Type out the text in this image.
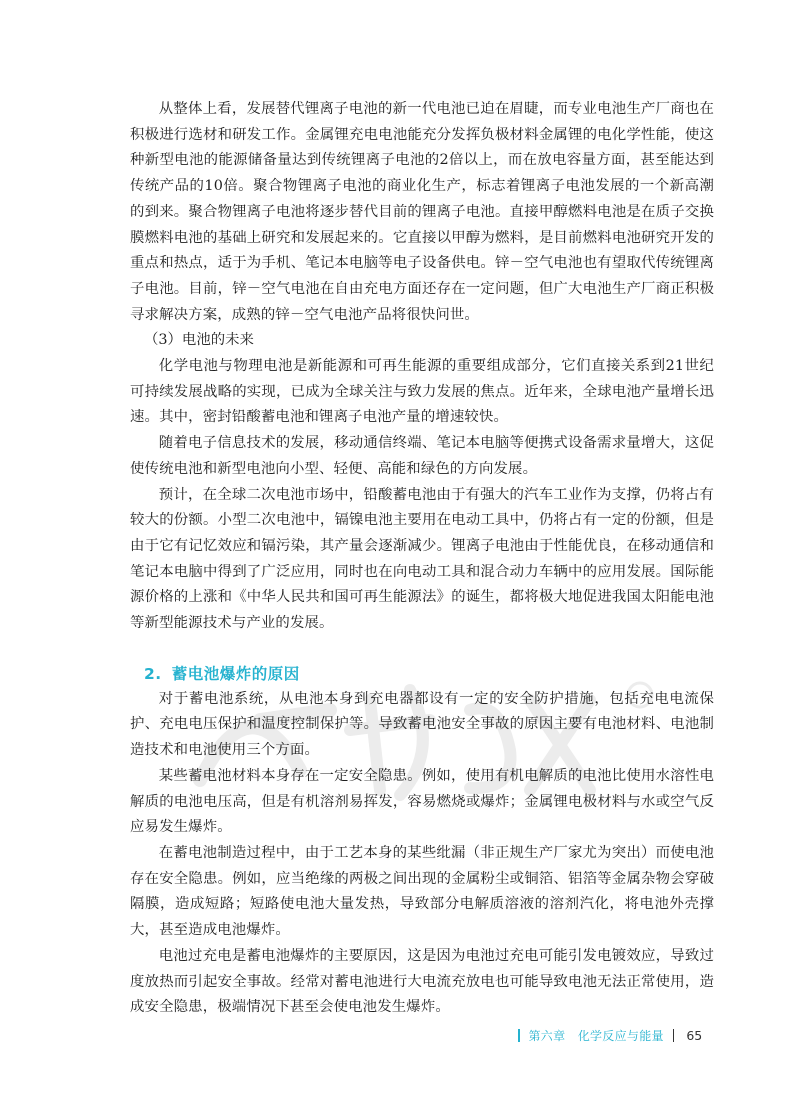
从整体上看，发展替代锂离子电池的新一代电池已迫在眉睫，而专业电池生产厂商也在积极进行选材和研发工作。金属锂充电电池能充分发挥负极材料金属锂的电化学性能，使这种新型电池的能源储备量达到传统锂离子电池的2倍以上，而在放电容量方面，甚至能达到传统产品的10倍。聚合物锂离子电池的商业化生产，标志着锂离子电池发展的一个新高潮的到来。聚合物锂离子电池将逐步替代目前的锂离子电池。直接甲醇燃料电池是在质子交换膜燃料电池的基础上研究和发展起来的。它直接以甲醇为燃料，是目前燃料电池研究开发的重点和热点，适于为手机、笔记本电脑等电子设备供电。锌－空气电池也有望取代传统锂离子电池。目前，锌－空气电池在自由充电方面还存在一定问题，但广大电池生产厂商正积极寻求解决方案，成熟的锌－空气电池产品将很快问世。

（3）电池的未来

化学电池与物理电池是新能源和可再生能源的重要组成部分，它们直接关系到21世纪可持续发展战略的实现，已成为全球关注与致力发展的焦点。近年来，全球电池产量增长迅速。其中，密封铅酸蓄电池和锂离子电池产量的增速较快。

随着电子信息技术的发展，移动通信终端、笔记本电脑等便携式设备需求量增大，这促使传统电池和新型电池向小型、轻便、高能和绿色的方向发展。

预计，在全球二次电池市场中，铅酸蓄电池由于有强大的汽车工业作为支撑，仍将占有较大的份额。小型二次电池中，镉镍电池主要用在电动工具中，仍将占有一定的份额，但是由于它有记忆效应和镉污染，其产量会逐渐减少。锂离子电池由于性能优良，在移动通信和笔记本电脑中得到了广泛应用，同时也在向电动工具和混合动力车辆中的应用发展。国际能源价格的上涨和《中华人民共和国可再生能源法》的诞生，都将极大地促进我国太阳能电池等新型能源技术与产业的发展。

2. 蓄电池爆炸的原因

对于蓄电池系统，从电池本身到充电器都设有一定的安全防护措施，包括充电电流保护、充电电压保护和温度控制保护等。导致蓄电池安全事故的原因主要有电池材料、电池制造技术和电池使用三个方面。

某些蓄电池材料本身存在一定安全隐患。例如，使用有机电解质的电池比使用水溶性电解质的电池电压高，但是有机溶剂易挥发，容易燃烧或爆炸；金属锂电极材料与水或空气反应易发生爆炸。

在蓄电池制造过程中，由于工艺本身的某些纰漏（非正规生产厂家尤为突出）而使电池存在安全隐患。例如，应当绝缘的两极之间出现的金属粉尘或铜箔、铝箔等金属杂物会穿破隔膜，造成短路；短路使电池大量发热，导致部分电解质溶液的溶剂汽化，将电池外壳撑大，甚至造成电池爆炸。

电池过充电是蓄电池爆炸的主要原因，这是因为电池过充电可能引发电镀效应，导致过度放热而引起安全事故。经常对蓄电池进行大电流充放电也可能导致电池无法正常使用，造成安全隐患，极端情况下甚至会使电池发生爆炸。

第六章　化学反应与能量 65
